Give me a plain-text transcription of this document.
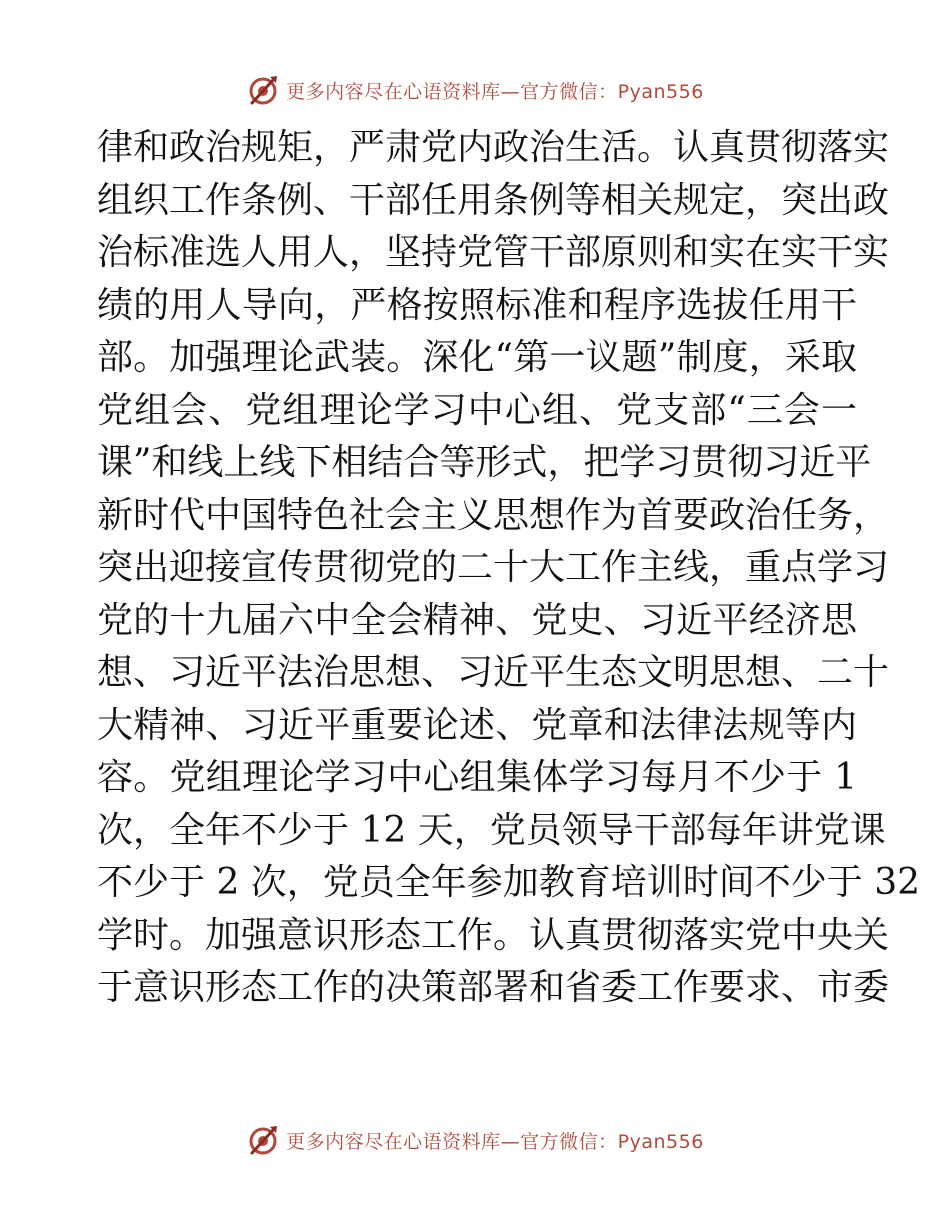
更多内容尽在心语资料库—官方微信：Pyan556
律和政治规矩，严肃党内政治生活。认真贯彻落实
组织工作条例、干部任用条例等相关规定，突出政
治标准选人用人，坚持党管干部原则和实在实干实
绩的用人导向，严格按照标准和程序选拔任用干
部。加强理论武装。深化“第一议题”制度，采取
党组会、党组理论学习中心组、党支部“三会一
课”和线上线下相结合等形式，把学习贯彻习近平
新时代中国特色社会主义思想作为首要政治任务，
突出迎接宣传贯彻党的二十大工作主线，重点学习
党的十九届六中全会精神、党史、习近平经济思
想、习近平法治思想、习近平生态文明思想、二十
大精神、习近平重要论述、党章和法律法规等内
容。党组理论学习中心组集体学习每月不少于 1
次，全年不少于 12 天，党员领导干部每年讲党课
不少于 2 次，党员全年参加教育培训时间不少于 32
学时。加强意识形态工作。认真贯彻落实党中央关
于意识形态工作的决策部署和省委工作要求、市委
更多内容尽在心语资料库—官方微信：Pyan556
